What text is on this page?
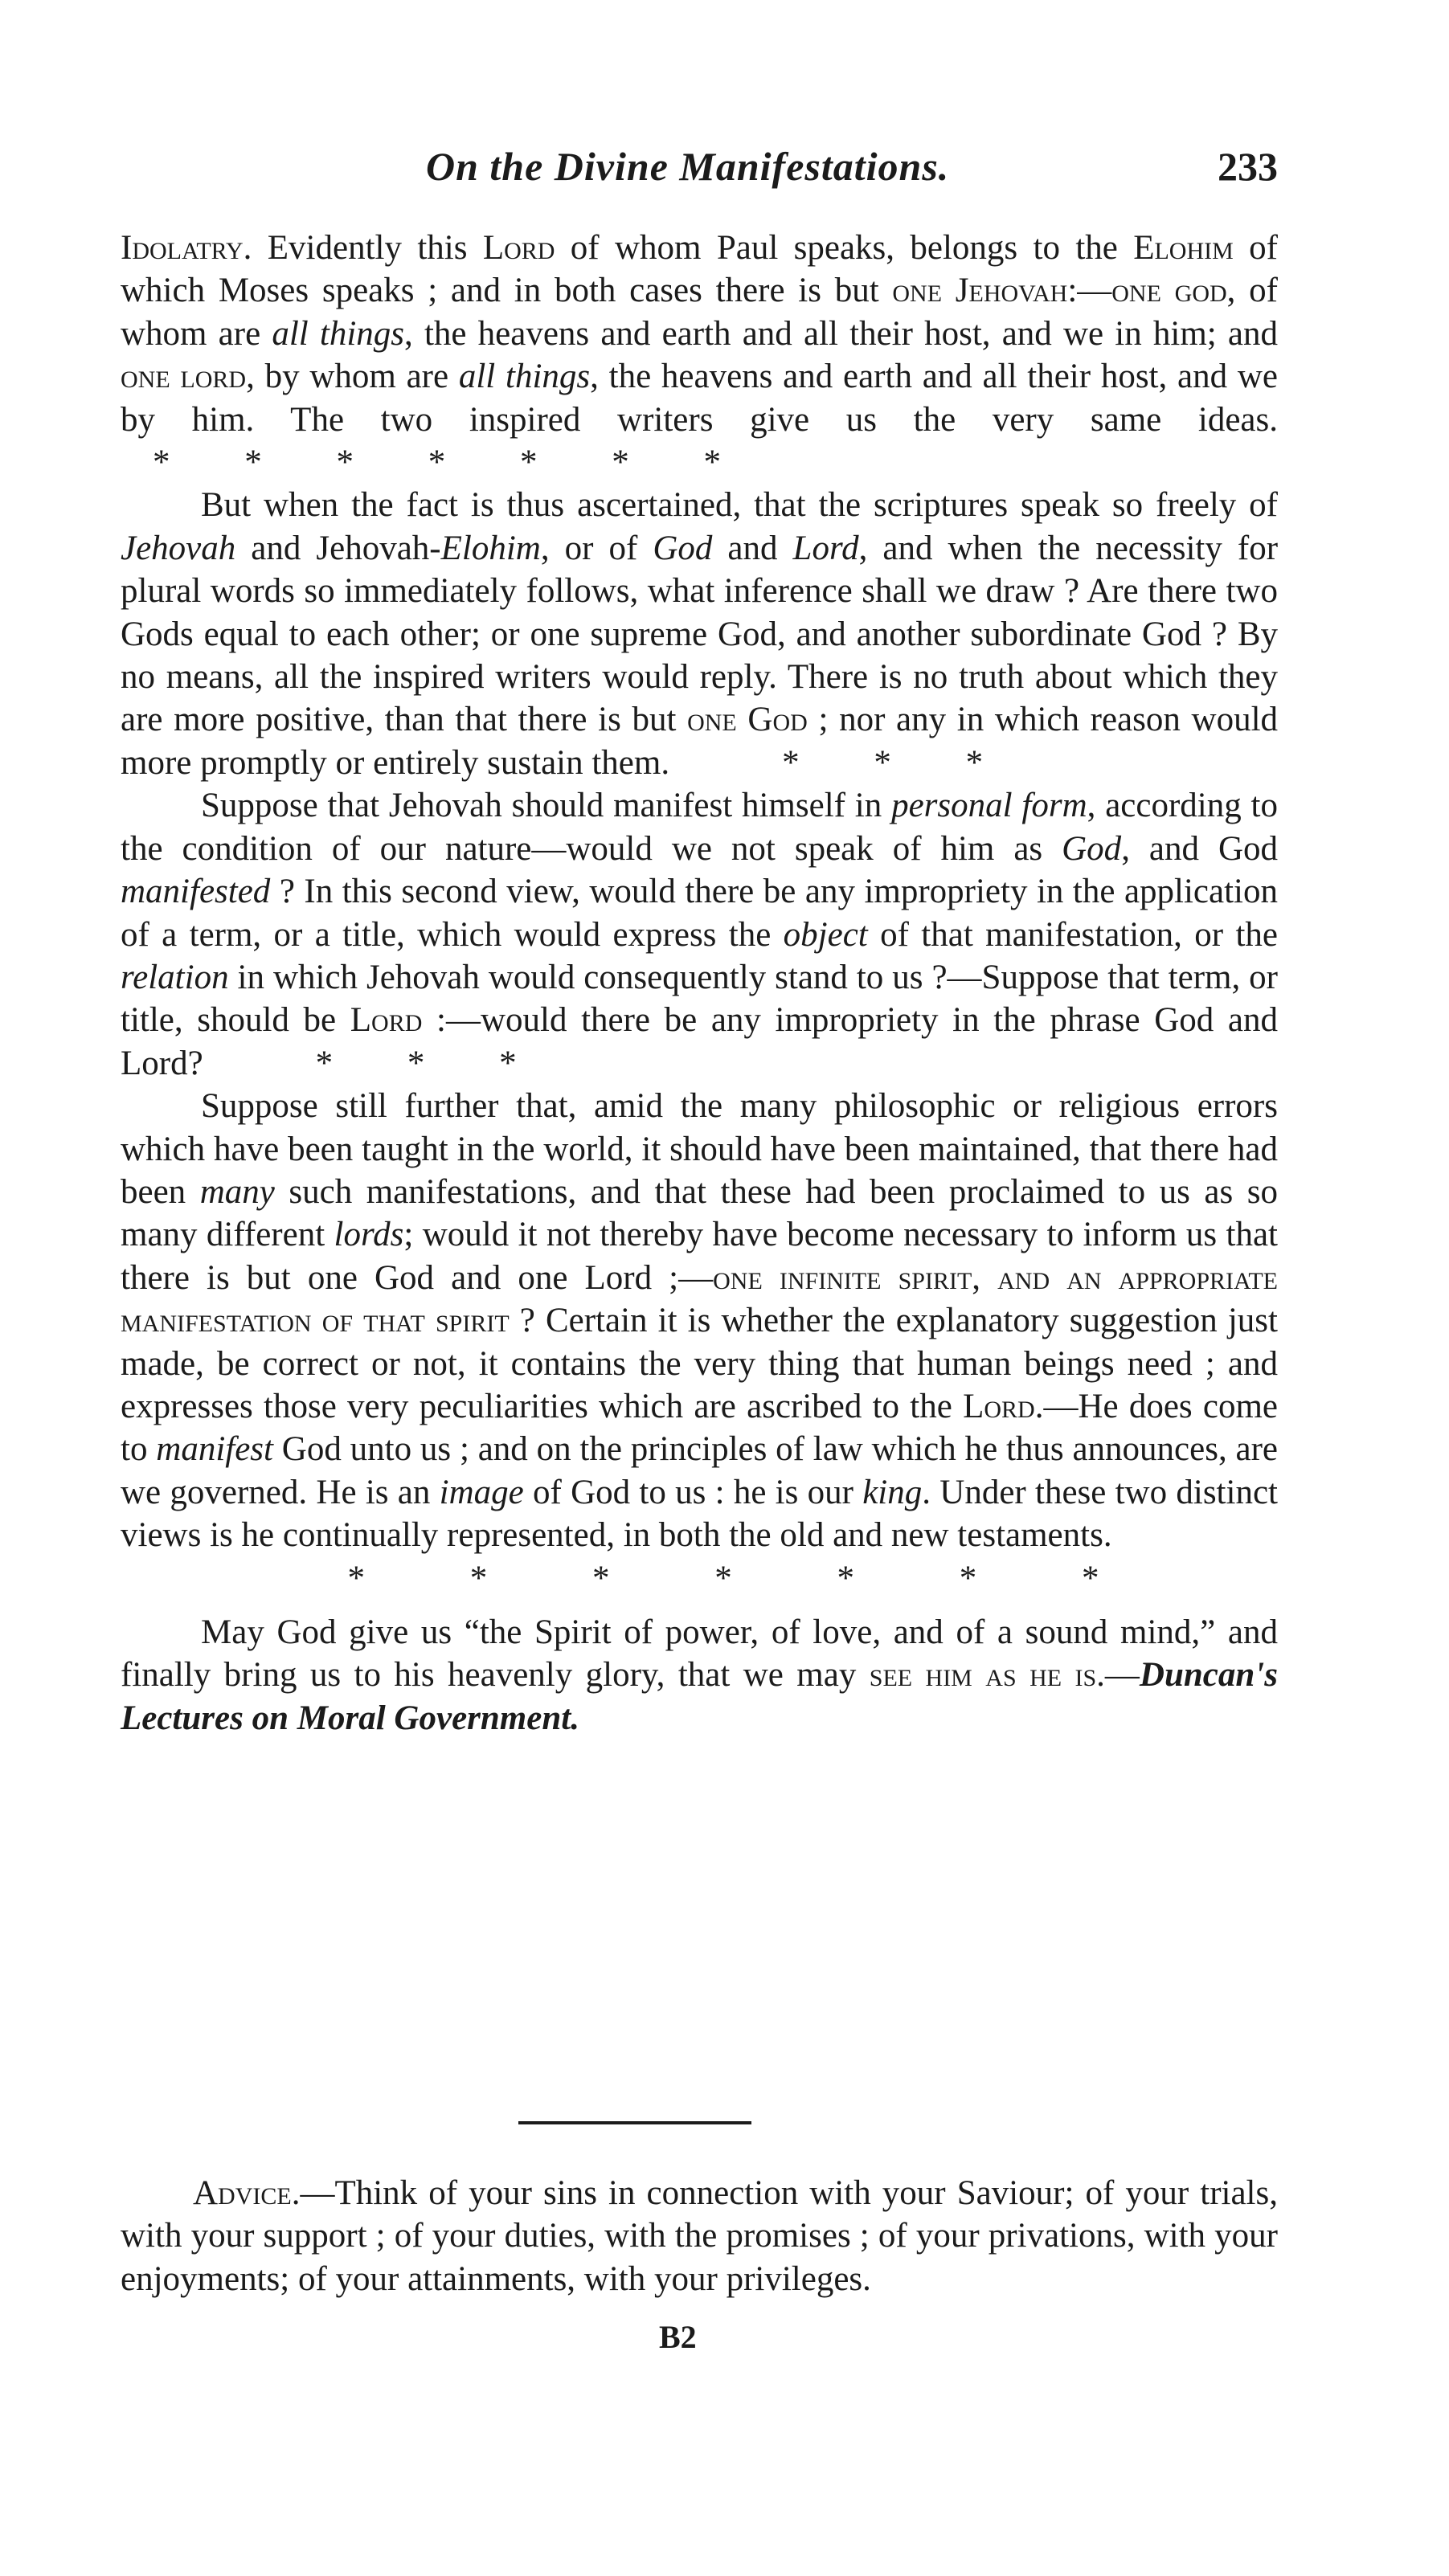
On the Divine Manifestations.	233

Idolatry. Evidently this Lord of whom Paul speaks, belongs to the Elohim of which Moses speaks ; and in both cases there is but one Jehovah:—one god, of whom are all things, the heavens and earth and all their host, and we in him; and one lord, by whom are all things, the heavens and earth and all their host, and we by him. The two inspired writers give us the very same ideas.* * * * * * *

But when the fact is thus ascertained, that the scriptures speak so freely of Jehovah and Jehovah-Elohim, or of God and Lord, and when the necessity for plural words so immediately follows, what inference shall we draw ? Are there two Gods equal to each other; or one supreme God, and another subordinate God ? By no means, all the inspired writers would reply. There is no truth about which they are more positive, than that there is but one God ; nor any in which reason would more promptly or entirely sustain them.	* * *

Suppose that Jehovah should manifest himself in personal form, according to the condition of our nature—would we not speak of him as God, and God manifested ? In this second view, would there be any impropriety in the application of a term, or a title, which would express the object of that manifestation, or the relation in which Jehovah would consequently stand to us ?—Suppose that term, or title, should be Lord :—would there be any impropriety in the phrase God and Lord?	* * *

Suppose still further that, amid the many philosophic or religious errors which have been taught in the world, it should have been maintained, that there had been many such manifestations, and that these had been proclaimed to us as so many different lords; would it not thereby have become necessary to inform us that there is but one God and one Lord ;—one infinite spirit, and an appropriate manifestation of that spirit ? Certain it is whether the explanatory suggestion just made, be correct or not, it contains the very thing that human beings need ; and expresses those very peculiarities which are ascribed to the Lord.—He does come to manifest God unto us ; and on the principles of law which he thus announces, are we governed. He is an image of God to us : he is our king. Under these two distinct views is he continually represented, in both the old and new testaments.

* * * * * * *

May God give us “the Spirit of power, of love, and of a sound mind,” and finally bring us to his heavenly glory, that we may see him as he is.—Duncan's Lectures on Moral Government.

Advice.—Think of your sins in connection with your Saviour; of your trials, with your support ; of your duties, with the promises ; of your privations, with your enjoyments; of your attainments, with your privileges.

B2
